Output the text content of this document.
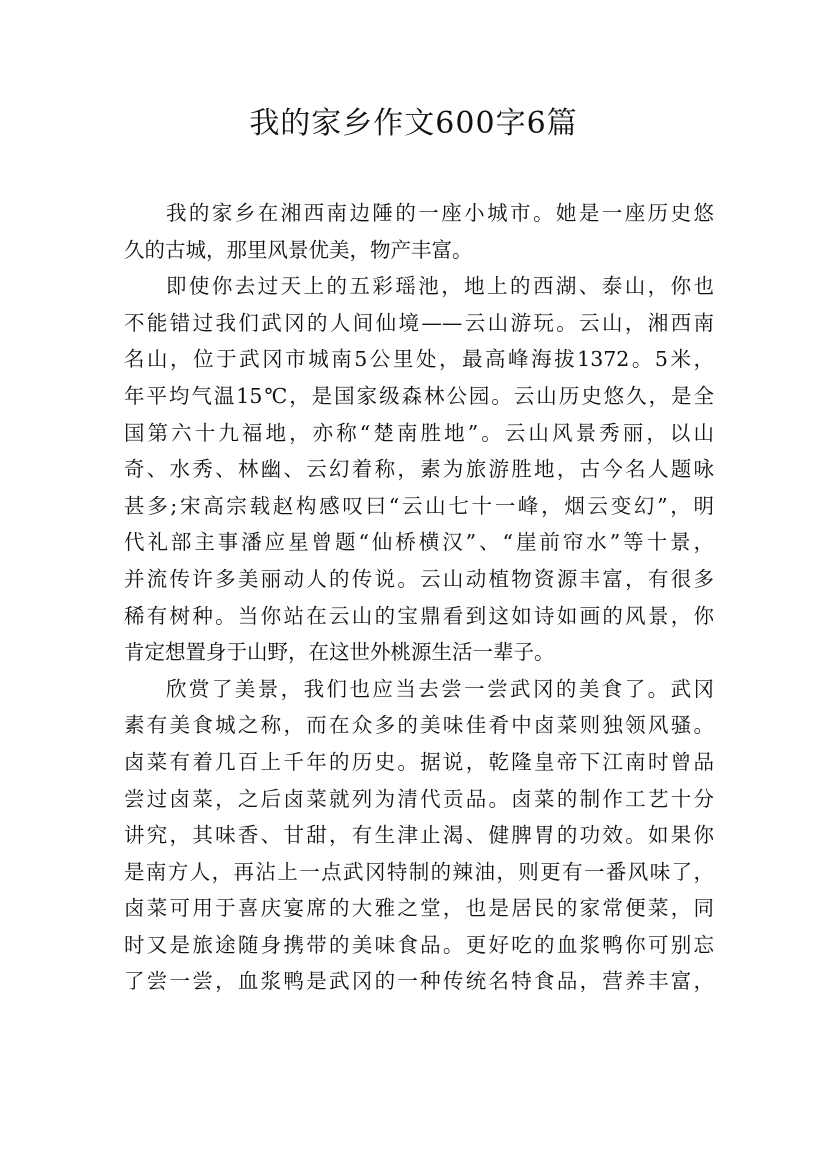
我的家乡作文600字6篇
我的家乡在湘西南边陲的一座小城市。她是一座历史悠
久的古城，那里风景优美，物产丰富。
即使你去过天上的五彩瑶池，地上的西湖、泰山，你也
不能错过我们武冈的人间仙境——云山游玩。云山，湘西南
名山，位于武冈市城南5公里处，最高峰海拔1372。5米，
年平均气温15℃，是国家级森林公园。云山历史悠久，是全
国第六十九福地，亦称“楚南胜地”。云山风景秀丽，以山
奇、水秀、林幽、云幻着称，素为旅游胜地，古今名人题咏
甚多;宋高宗载赵构感叹曰“云山七十一峰，烟云变幻”，明
代礼部主事潘应星曾题“仙桥横汉”、“崖前帘水”等十景，
并流传许多美丽动人的传说。云山动植物资源丰富，有很多
稀有树种。当你站在云山的宝鼎看到这如诗如画的风景，你
肯定想置身于山野，在这世外桃源生活一辈子。
欣赏了美景，我们也应当去尝一尝武冈的美食了。武冈
素有美食城之称，而在众多的美味佳肴中卤菜则独领风骚。
卤菜有着几百上千年的历史。据说，乾隆皇帝下江南时曾品
尝过卤菜，之后卤菜就列为清代贡品。卤菜的制作工艺十分
讲究，其味香、甘甜，有生津止渴、健脾胃的功效。如果你
是南方人，再沾上一点武冈特制的辣油，则更有一番风味了，
卤菜可用于喜庆宴席的大雅之堂，也是居民的家常便菜，同
时又是旅途随身携带的美味食品。更好吃的血浆鸭你可别忘
了尝一尝，血浆鸭是武冈的一种传统名特食品，营养丰富，
